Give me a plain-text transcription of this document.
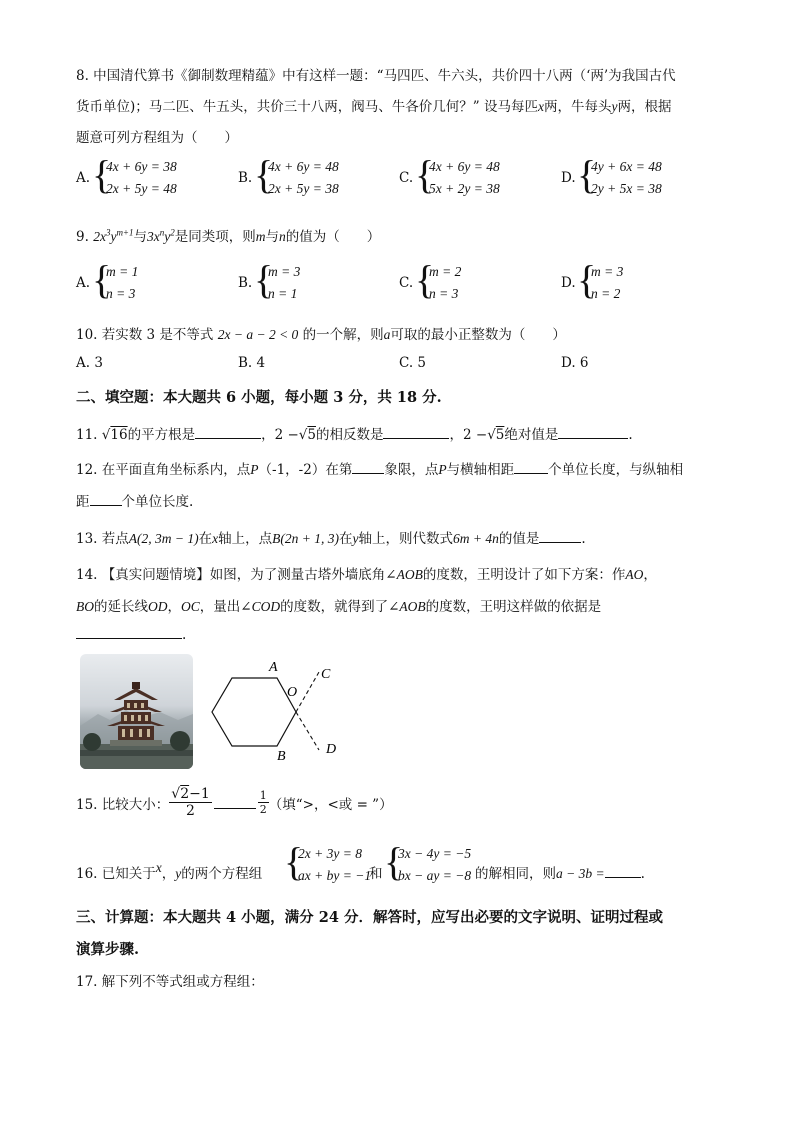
8. 中国清代算书《御制数理精蕴》中有这样一题：“马四匹、牛六头，共价四十八两（‘两’为我国古代
货币单位)；马二匹、牛五头，共价三十八两，阀马、牛各价几何？” 设马每匹x两，牛每头y两，根据
题意可列方程组为（　　）
A. {
4x + 6y = 38
2x + 5y = 48
B. {
4x + 6y = 48
2x + 5y = 38
C. {
4x + 6y = 48
5x + 2y = 38
D. {
4y + 6x = 48
2y + 5x = 38
9. $2x^3y^{m+1}$与$3x^ny^2$是同类项，则m与n的值为（　　）
A. {
m = 1
n = 3
B. {
m = 3
n = 1
C. {
m = 2
n = 3
D. {
m = 3
n = 2
10. 若实数 3 是不等式 2x − a − 2 < 0 的一个解，则a可取的最小正整数为（　　）
A. 3	B. 4	C. 5	D. 6
二、填空题：本大题共 6 小题，每小题 3 分，共 18 分.
11. √16的平方根是	，2 −√5的相反数是	，2 −√5绝对值是	.
12. 在平面直角坐标系内，点P（-1，-2）在第 象限，点P与横轴相距	个单位长度，与纵轴相
距 个单位长度.
13. 若点A(2, 3m − 1)在x轴上，点B(2n + 1, 3)在y轴上，则代数式6m + 4n的值是	.
14. 【真实问题情境】如图，为了测量古塔外墙底角∠AOB的度数，王明设计了如下方案：作AO，
BO的延长线OD，OC，量出∠COD的度数，就得到了∠AOB的度数，王明这样做的依据是
.
A
O
B
C
D
15. 比较大小： $\frac{√2-1}{2}$	$\frac{1}{2}$ （填“>，<或 = ”）
16. 已知关于x，y的两个方程组 {
2x + 3y = 8
ax + by = −1
和 {
3x − 4y = −5
bx − ay = −8 的解相同，则a − 3b =	.
三、计算题：本大题共 4 小题，满分 24 分．解答时，应写出必要的文字说明、证明过程或
演算步骤.
17. 解下列不等式组或方程组：
